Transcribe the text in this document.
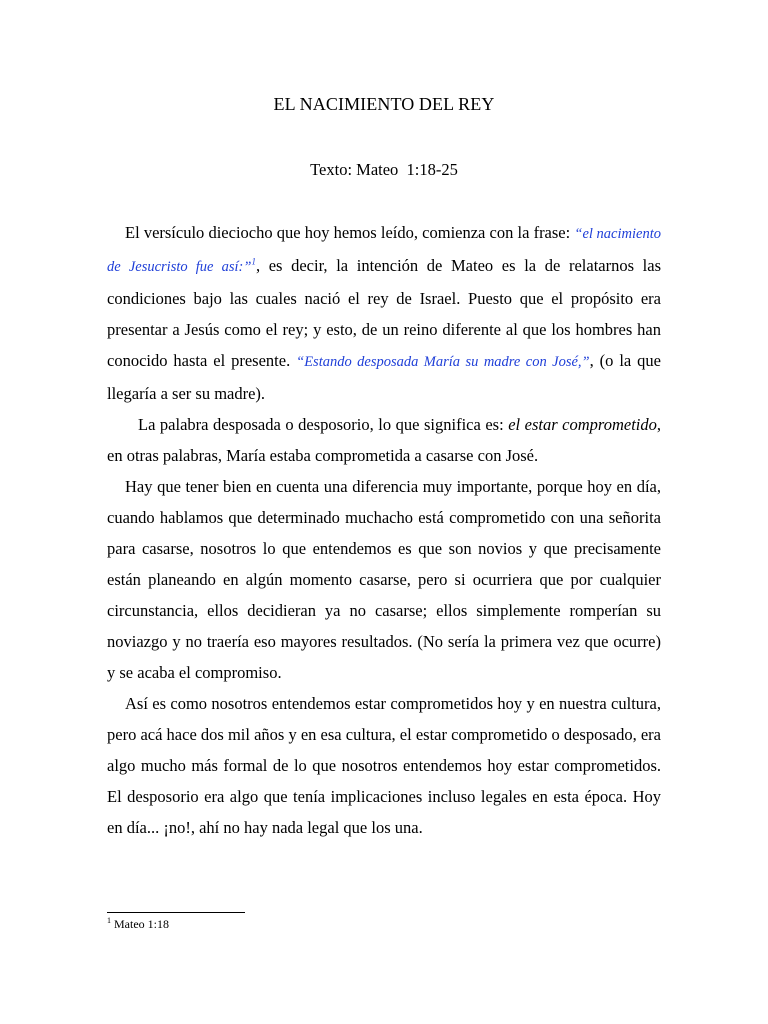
EL NACIMIENTO DEL REY
Texto: Mateo  1:18-25

El versículo dieciocho que hoy hemos leído, comienza con la frase: “el nacimiento de Jesucristo fue así:”$^1$, es decir, la intención de Mateo es la de relatarnos las condiciones bajo las cuales nació el rey de Israel. Puesto que el propósito era presentar a Jesús como el rey; y esto, de un reino diferente al que los hombres han conocido hasta el presente. “Estando desposada María su madre con José,”, (o la que llegaría a ser su madre).

La palabra desposada o desposorio, lo que significa es: el estar comprometido, en otras palabras, María estaba comprometida a casarse con José.

Hay que tener bien en cuenta una diferencia muy importante, porque hoy en día, cuando hablamos que determinado muchacho está comprometido con una señorita para casarse, nosotros lo que entendemos es que son novios y que precisamente están planeando en algún momento casarse, pero si ocurriera que por cualquier circunstancia, ellos decidieran ya no casarse; ellos simplemente romperían su noviazgo y no traería eso mayores resultados. (No sería la primera vez que ocurre) y se acaba el compromiso.

Así es como nosotros entendemos estar comprometidos hoy y en nuestra cultura, pero acá hace dos mil años y en esa cultura, el estar comprometido o desposado, era algo mucho más formal de lo que nosotros entendemos hoy estar comprometidos. El desposorio era algo que tenía implicaciones incluso legales en esta época. Hoy en día... ¡no!, ahí no hay nada legal que los una.

$^1$ Mateo 1:18
